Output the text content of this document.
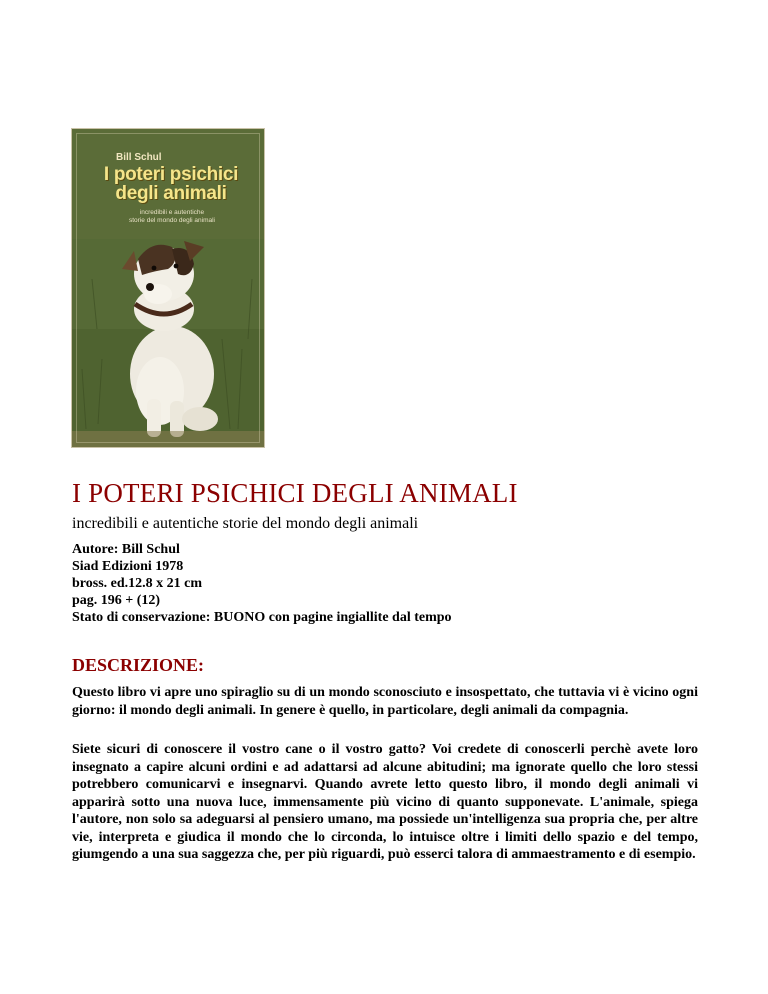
Bill Schul
I poteri psichici
degli animali
incredibili e autentiche
storie del mondo degli animali
I POTERI PSICHICI DEGLI ANIMALI

incredibili e autentiche storie del mondo degli animali

Autore: Bill Schul
Siad Edizioni 1978
bross. ed.12.8 x 21 cm
pag. 196 + (12)
Stato di conservazione: BUONO con pagine ingiallite dal tempo
DESCRIZIONE:

Questo libro vi apre uno spiraglio su di un mondo sconosciuto e insospettato, che tuttavia vi è vicino ogni giorno: il mondo degli animali. In genere è quello, in particolare, degli animali da compagnia.

Siete sicuri di conoscere il vostro cane o il vostro gatto? Voi credete di conoscerli perchè avete loro insegnato a capire alcuni ordini e ad adattarsi ad alcune abitudini; ma ignorate quello che loro stessi potrebbero comunicarvi e insegnarvi. Quando avrete letto questo libro, il mondo degli animali vi apparirà sotto una nuova luce, immensamente più vicino di quanto supponevate. L'animale, spiega l'autore, non solo sa adeguarsi al pensiero umano, ma possiede un'intelligenza sua propria che, per altre vie, interpreta e giudica il mondo che lo circonda, lo intuisce oltre i limiti dello spazio e del tempo, giumgendo a una sua saggezza che, per più riguardi, può esserci talora di ammaestramento e di esempio.
